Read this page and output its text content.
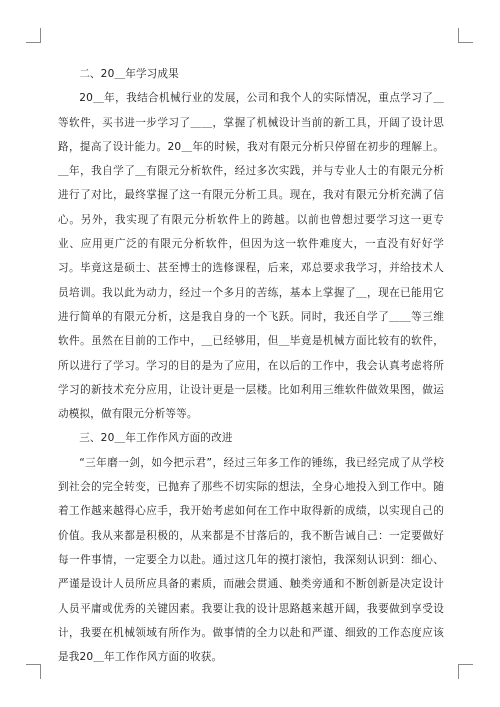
二、20＿年学习成果

20＿年，我结合机械行业的发展，公司和我个人的实际情况，重点学习了＿等软件，买书进一步学习了＿＿，掌握了机械设计当前的新工具，开阔了设计思路，提高了设计能力。20＿年的时候，我对有限元分析只停留在初步的理解上。＿年，我自学了＿有限元分析软件，经过多次实践，并与专业人士的有限元分析进行了对比，最终掌握了这一有限元分析工具。现在，我对有限元分析充满了信心。另外，我实现了有限元分析软件上的跨越。以前也曾想过要学习这一更专业、应用更广泛的有限元分析软件，但因为这一软件难度大，一直没有好好学习。毕竟这是硕士、甚至博士的选修课程，后来，邓总要求我学习，并给技术人员培训。我以此为动力，经过一个多月的苦练，基本上掌握了＿，现在已能用它进行简单的有限元分析，这是我自身的一个飞跃。同时，我还自学了＿＿等三维软件。虽然在目前的工作中，＿已经够用，但＿毕竟是机械方面比较有的软件，所以进行了学习。学习的目的是为了应用，在以后的工作中，我会认真考虑将所学习的新技术充分应用，让设计更是一层楼。比如利用三维软件做效果图，做运动模拟，做有限元分析等等。

三、20＿年工作作风方面的改进

“三年磨一剑，如今把示君”，经过三年多工作的锤练，我已经完成了从学校到社会的完全转变，已抛弃了那些不切实际的想法，全身心地投入到工作中。随着工作越来越得心应手，我开始考虑如何在工作中取得新的成绩，以实现自己的价值。我从来都是积极的，从来都是不甘落后的，我不断告诫自己：一定要做好每一件事情，一定要全力以赴。通过这几年的摸打滚怕，我深刻认识到：细心、严谨是设计人员所应具备的素质，而融会贯通、触类旁通和不断创新是决定设计人员平庸或优秀的关键因素。我要让我的设计思路越来越开阔，我要做到享受设计，我要在机械领域有所作为。做事情的全力以赴和严谨、细致的工作态度应该是我20＿年工作作风方面的收获。
